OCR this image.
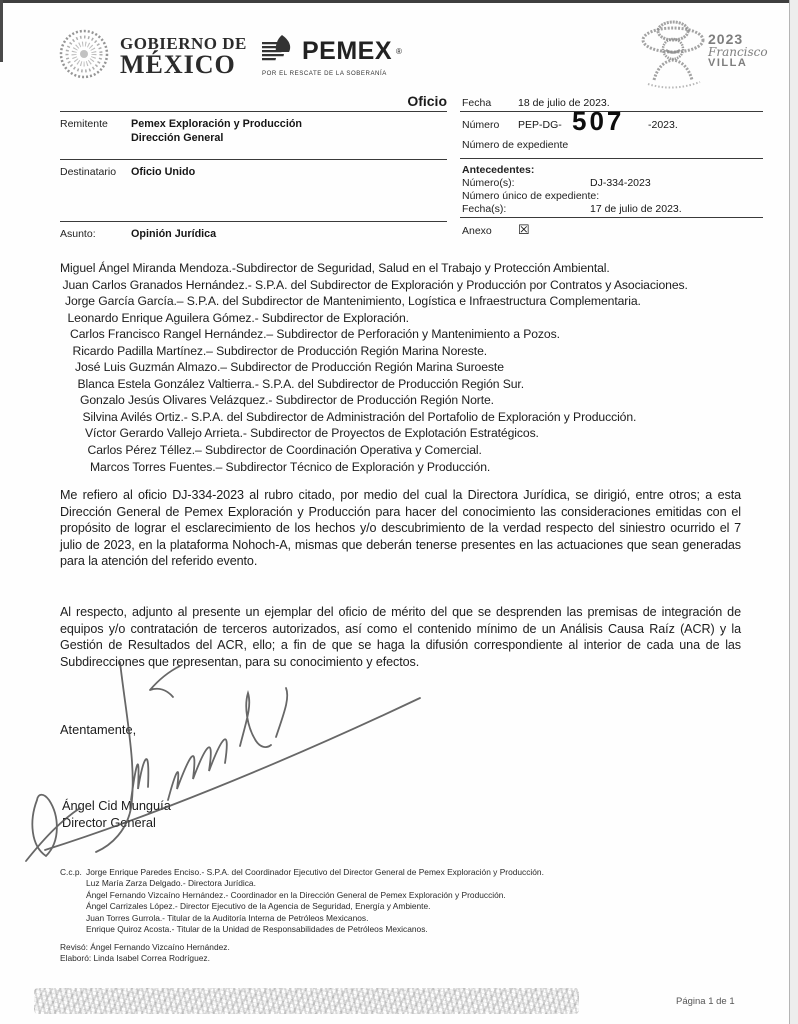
GOBIERNO DE
MÉXICO	PEMEX ®
POR EL RESCATE DE LA SOBERANÍA
2023
Francisco
VILLA
Oficio
Remitente Pemex Exploración y Producción
Dirección General
Destinatario Oficio Unido
Asunto:	Opinión Jurídica
Fecha	18 de julio de 2023.
Número PEP-DG- 507 -2023.
Número de expediente
Antecedentes:
Número(s):	DJ-334-2023
Número único de expediente:
Fecha(s):	17 de julio de 2023.
Anexo ☒
Miguel Ángel Miranda Mendoza.-Subdirector de Seguridad, Salud en el Trabajo y Protección Ambiental.
Juan Carlos Granados Hernández.- S.P.A. del Subdirector de Exploración y Producción por Contratos y Asociaciones.
Jorge García García.– S.P.A. del Subdirector de Mantenimiento, Logística e Infraestructura Complementaria.
Leonardo Enrique Aguilera Gómez.- Subdirector de Exploración.
Carlos Francisco Rangel Hernández.– Subdirector de Perforación y Mantenimiento a Pozos.
Ricardo Padilla Martínez.– Subdirector de Producción Región Marina Noreste.
José Luis Guzmán Almazo.– Subdirector de Producción Región Marina Suroeste
Blanca Estela González Valtierra.- S.P.A. del Subdirector de Producción Región Sur.
Gonzalo Jesús Olivares Velázquez.- Subdirector de Producción Región Norte.
Silvina Avilés Ortiz.- S.P.A. del Subdirector de Administración del Portafolio de Exploración y Producción.
Víctor Gerardo Vallejo Arrieta.- Subdirector de Proyectos de Explotación Estratégicos.
Carlos Pérez Téllez.– Subdirector de Coordinación Operativa y Comercial.
Marcos Torres Fuentes.– Subdirector Técnico de Exploración y Producción.
Me refiero al oficio DJ-334-2023 al rubro citado, por medio del cual la Directora Jurídica, se dirigió, entre otros; a esta Dirección General de Pemex Exploración y Producción para hacer del conocimiento las consideraciones emitidas con el propósito de lograr el esclarecimiento de los hechos y/o descubrimiento de la verdad respecto del siniestro ocurrido el 7 julio de 2023, en la plataforma Nohoch-A, mismas que deberán tenerse presentes en las actuaciones que sean generadas para la atención del referido evento.
Al respecto, adjunto al presente un ejemplar del oficio de mérito del que se desprenden las premisas de integración de equipos y/o contratación de terceros autorizados, así como el contenido mínimo de un Análisis Causa Raíz (ACR) y la Gestión de Resultados del ACR, ello; a fin de que se haga la difusión correspondiente al interior de cada una de las Subdirecciones que representan, para su conocimiento y efectos.
Atentamente,
Ángel Cid Munguía
Director General
C.c.p. Jorge Enrique Paredes Enciso.- S.P.A. del Coordinador Ejecutivo del Director General de Pemex Exploración y Producción.
Luz María Zarza Delgado.- Directora Jurídica.
Ángel Fernando Vizcaíno Hernández.- Coordinador en la Dirección General de Pemex Exploración y Producción.
Ángel Carrizales López.- Director Ejecutivo de la Agencia de Seguridad, Energía y Ambiente.
Juan Torres Gurrola.- Titular de la Auditoría Interna de Petróleos Mexicanos.
Enrique Quiroz Acosta.- Titular de la Unidad de Responsabilidades de Petróleos Mexicanos.
Revisó: Ángel Fernando Vizcaíno Hernández.
Elaboró: Linda Isabel Correa Rodríguez.
Página 1 de 1
